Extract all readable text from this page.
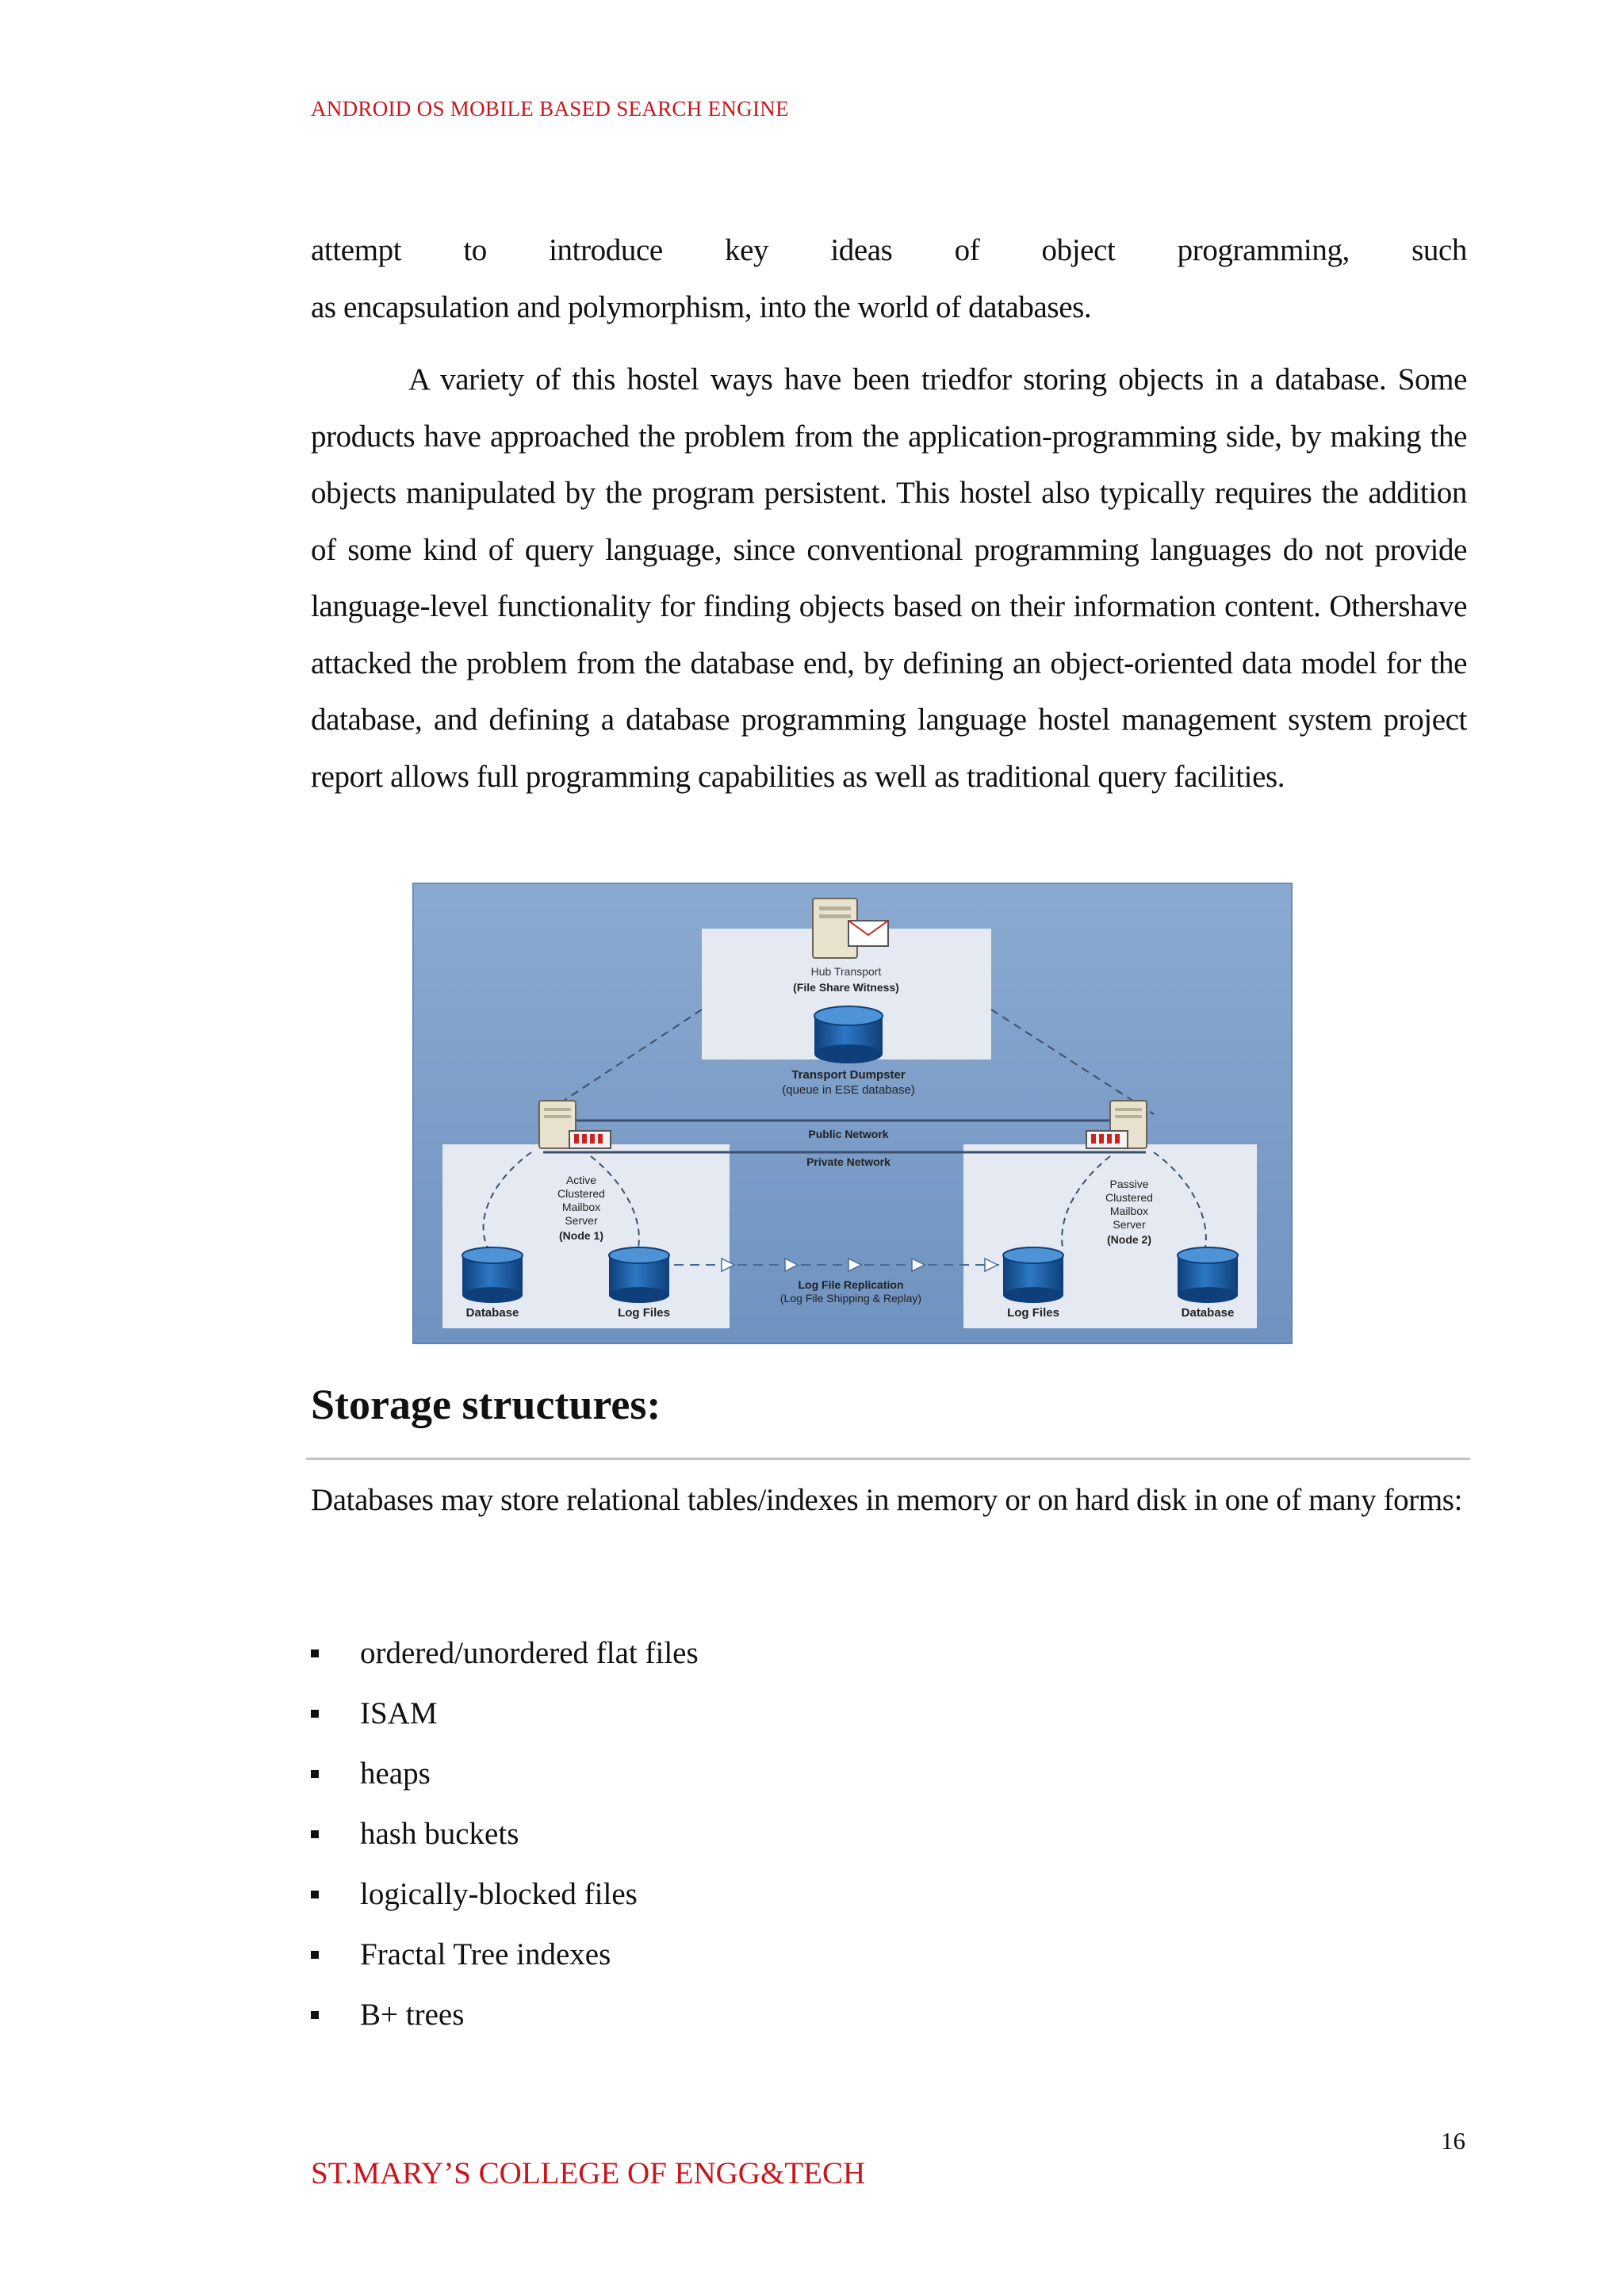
ANDROID OS MOBILE BASED SEARCH ENGINE
attempt to introduce key ideas of object programming, such
as encapsulation and polymorphism, into the world of databases.
A variety of this hostel ways have been triedfor storing objects in a database. Some products have approached the problem from the application-programming side, by making the objects manipulated by the program persistent. This hostel also typically requires the addition of some kind of query language, since conventional programming languages do not provide language-level functionality for finding objects based on their information content. Othershave attacked the problem from the database end, by defining an object-oriented data model for the database, and defining a database programming language hostel management system project report allows full programming capabilities as well as traditional query facilities.
Hub Transport
(File Share Witness)
Transport Dumpster
(queue in ESE database)
Public Network
Private Network
Active
Clustered
Mailbox
Server
(Node 1)
Passive
Clustered
Mailbox
Server
(Node 2)
Log File Replication
(Log File Shipping & Replay)
Database	Log Files	Log Files	Database
Storage structures:
Databases may store relational tables/indexes in memory or on hard disk in one of many forms:
ordered/unordered flat files
ISAM
heaps
hash buckets
logically-blocked files
Fractal Tree indexes
B+ trees
16
ST.MARY’S COLLEGE OF ENGG&TECH
